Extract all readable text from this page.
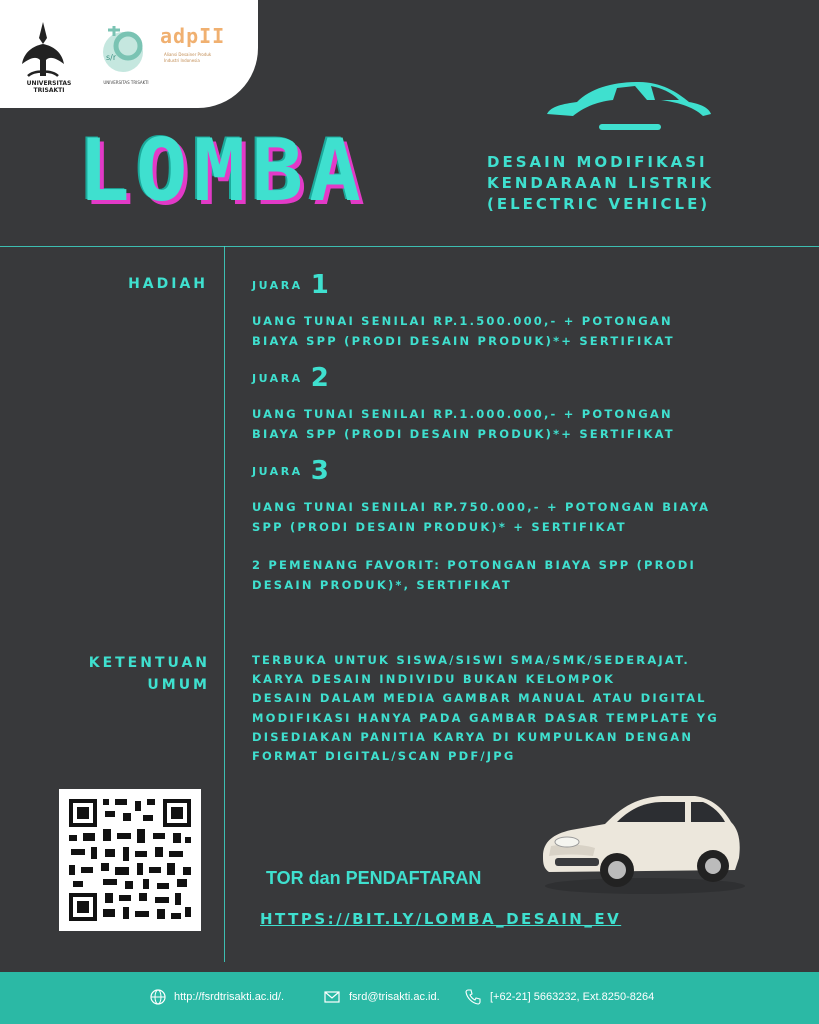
UNIVERSITAS TRISAKTI
s/r
UNIVERSITAS TRISAKTI
adpII
Aliansi Desainer Produk Industri Indonesia
LOMBA	DESAIN MODIFIKASI
KENDARAAN LISTRIK
(ELECTRIC VEHICLE)
HADIAH	JUARA 1
UANG TUNAI SENILAI RP.1.500.000,- + POTONGAN
BIAYA SPP (PRODI DESAIN PRODUK)*+ SERTIFIKAT
JUARA 2
UANG TUNAI SENILAI RP.1.000.000,- + POTONGAN
BIAYA SPP (PRODI DESAIN PRODUK)*+ SERTIFIKAT
JUARA 3
UANG TUNAI SENILAI RP.750.000,- + POTONGAN BIAYA
SPP (PRODI DESAIN PRODUK)* + SERTIFIKAT
2 PEMENANG FAVORIT: POTONGAN BIAYA SPP (PRODI
DESAIN PRODUK)*, SERTIFIKAT
KETENTUAN
UMUM
TERBUKA UNTUK SISWA/SISWI SMA/SMK/SEDERAJAT.
KARYA DESAIN INDIVIDU BUKAN KELOMPOK
DESAIN DALAM MEDIA GAMBAR MANUAL ATAU DIGITAL
MODIFIKASI HANYA PADA GAMBAR DASAR TEMPLATE YG
DISEDIAKAN PANITIA KARYA DI KUMPULKAN DENGAN
FORMAT DIGITAL/SCAN PDF/JPG
TOR dan PENDAFTARAN
HTTPS://BIT.LY/LOMBA_DESAIN_EV
http://fsrdtrisakti.ac.id/.	fsrd@trisakti.ac.id.	[+62-21] 5663232, Ext.8250-8264
